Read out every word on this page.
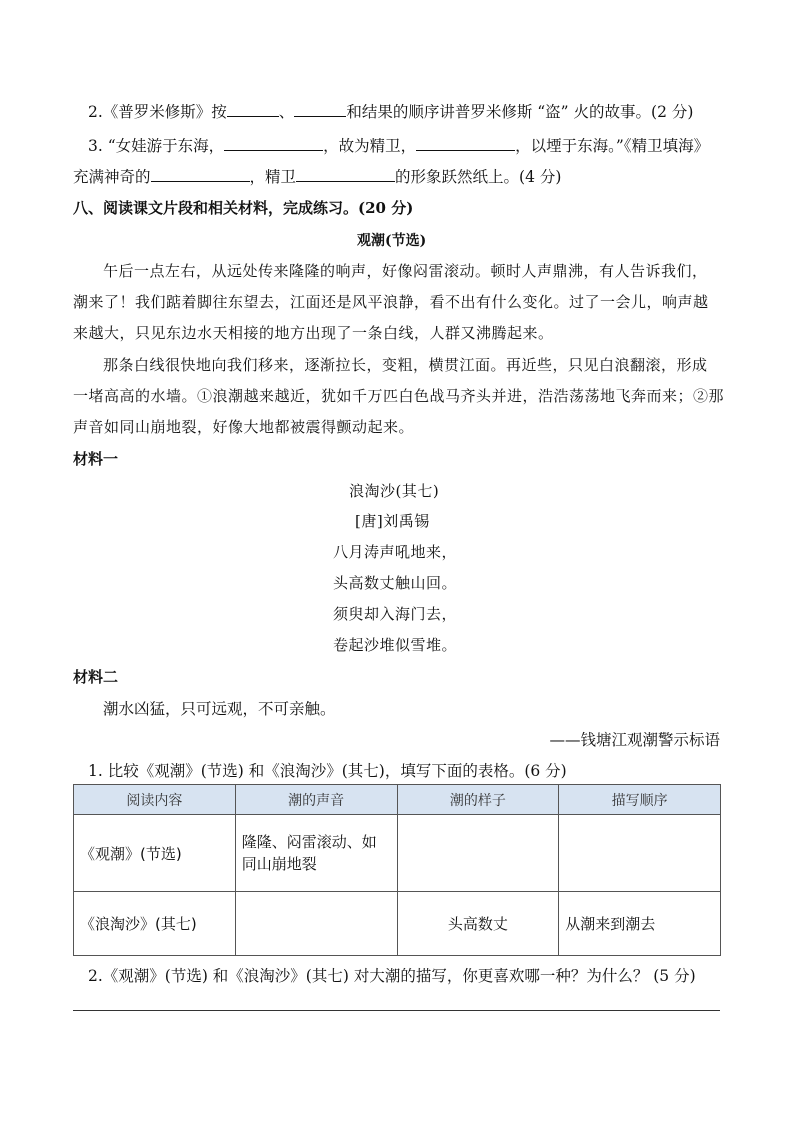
2.《普罗米修斯》按	、	和结果的顺序讲普罗米修斯 “盗” 火的故事。(2 分)
3. “女娃游于东海，	，故为精卫，	，以堙于东海。”《精卫填海》
充满神奇的	，精卫	的形象跃然纸上。(4 分)
八、阅读课文片段和相关材料，完成练习。(20 分)
观潮(节选)
午后一点左右，从远处传来隆隆的响声，好像闷雷滚动。顿时人声鼎沸，有人告诉我们，
潮来了！我们踮着脚往东望去，江面还是风平浪静，看不出有什么变化。过了一会儿，响声越
来越大，只见东边水天相接的地方出现了一条白线，人群又沸腾起来。
那条白线很快地向我们移来，逐渐拉长，变粗，横贯江面。再近些，只见白浪翻滚，形成
一堵高高的水墙。①浪潮越来越近，犹如千万匹白色战马齐头并进，浩浩荡荡地飞奔而来；②那
声音如同山崩地裂，好像大地都被震得颤动起来。
材料一
浪淘沙(其七)
[唐]刘禹锡
八月涛声吼地来，
头高数丈触山回。
须臾却入海门去，
卷起沙堆似雪堆。
材料二
潮水凶猛，只可远观，不可亲触。
——钱塘江观潮警示标语
1. 比较《观潮》(节选) 和《浪淘沙》(其七)，填写下面的表格。(6 分)
阅读内容	潮的声音	潮的样子	描写顺序
《观潮》(节选)	隆隆、闷雷滚动、如同山崩地裂		
《浪淘沙》(其七)		头高数丈	从潮来到潮去
2.《观潮》(节选) 和《浪淘沙》(其七) 对大潮的描写，你更喜欢哪一种？为什么？ (5 分)
